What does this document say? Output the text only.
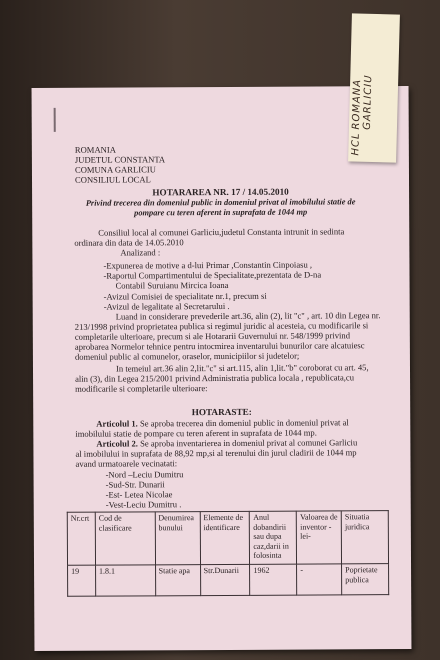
ROMANIA
JUDETUL CONSTANTA
COMUNA GARLICIU
CONSILIUL LOCAL
HOTARAREA NR. 17 / 14.05.2010
Privind trecerea din domeniul public in domeniul privat al imobilului statie de
pompare cu teren aferent in suprafata de 1044 mp
Consiliul local al comunei Garliciu,judetul Constanta intrunit in sedinta
ordinara din data de 14.05.2010
Analizand :
-Expunerea de motive a d-lui Primar ,Constantin Cinpoiasu ,
-Raportul Compartimentului de Specialitate,prezentata de D-na
Contabil Suruianu Mircica Ioana
-Avizul Comisiei de specialitate nr.1, precum si
-Avizul de legalitate al Secretarului .
Luand in considerare prevederile art.36, alin (2), lit "c" , art. 10 din Legea nr.
213/1998 privind proprietatea publica si regimul juridic al acesteia, cu modificarile si
completarile ulterioare, precum si ale Hotararii Guvernului nr. 548/1999 privind
aprobarea Normelor tehnice pentru intocmirea inventarului bunurilor care alcatuiesc
domeniul public al comunelor, oraselor, municipiilor si judetelor;
In temeiul art.36 alin 2,lit."c" si art.115, alin 1,lit."b" coroborat cu art. 45,
alin (3), din Legea 215/2001 privind Administratia publica locala , republicata,cu
modificarile si completarile ulterioare:
HOTARASTE:
Articolul 1. Se aproba trecerea din domeniul public in domeniul privat al
imobilului statie de pompare cu teren aferent in suprafata de 1044 mp.
Articolul 2. Se aproba inventarierea in domeniul privat al comunei Garliciu
al imobilului in suprafata de 88,92 mp,si al terenului din jurul cladirii de 1044 mp
avand urmatoarele vecinatati:
-Nord –Leciu Dumitru
-Sud-Str. Dunarii
-Est- Letea Nicolae
-Vest-Leciu Dumitru .
Nr.crt	Cod de clasificare	Denumirea bunului	Elemente de identificare	Anul dobandirii sau dupa caz,darii in folosinta	Valoarea de inventor -lei-	Situatia juridica
19	1.8.1	Statie apa	Str.Dunarii	1962	-	Poprietate publica
HCL
ROMANA GARLICIU
